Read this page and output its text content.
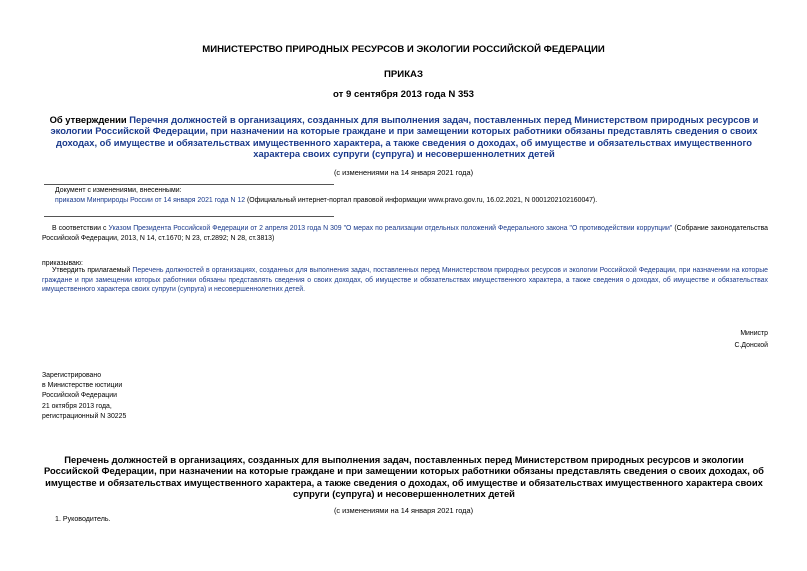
МИНИСТЕРСТВО ПРИРОДНЫХ РЕСУРСОВ И ЭКОЛОГИИ РОССИЙСКОЙ ФЕДЕРАЦИИ
ПРИКАЗ
от 9 сентября 2013 года N 353
Об утверждении Перечня должностей в организациях, созданных для выполнения задач, поставленных перед Министерством природных ресурсов и экологии Российской Федерации, при назначении на которые граждане и при замещении которых работники обязаны представлять сведения о своих доходах, об имуществе и обязательствах имущественного характера, а также сведения о доходах, об имуществе и обязательствах имущественного характера своих супруги (супруга) и несовершеннолетних детей
(с изменениями на 14 января 2021 года)
Документ с изменениями, внесенными:
приказом Минприроды России от 14 января 2021 года N 12 (Официальный интернет-портал правовой информации www.pravo.gov.ru, 16.02.2021, N 0001202102160047).
В соответствии с Указом Президента Российской Федерации от 2 апреля 2013 года N 309 "О мерах по реализации отдельных положений Федерального закона "О противодействии коррупции" (Собрание законодательства Российской Федерации, 2013, N 14, ст.1670; N 23, ст.2892; N 28, ст.3813)
приказываю:
Утвердить прилагаемый Перечень должностей в организациях, созданных для выполнения задач, поставленных перед Министерством природных ресурсов и экологии Российской Федерации, при назначении на которые граждане и при замещении которых работники обязаны представлять сведения о своих доходах, об имуществе и обязательствах имущественного характера, а также сведения о доходах, об имуществе и обязательствах имущественного характера своих супруги (супруга) и несовершеннолетних детей.
Министр
С.Донской
Зарегистрировано
в Министерстве юстиции
Российской Федерации
21 октября 2013 года,
регистрационный N 30225
Перечень должностей в организациях, созданных для выполнения задач, поставленных перед Министерством природных ресурсов и экологии Российской Федерации, при назначении на которые граждане и при замещении которых работники обязаны представлять сведения о своих доходах, об имуществе и обязательствах имущественного характера, а также сведения о доходах, об имуществе и обязательствах имущественного характера своих супруги (супруга) и несовершеннолетних детей
(с изменениями на 14 января 2021 года)
1. Руководитель.
